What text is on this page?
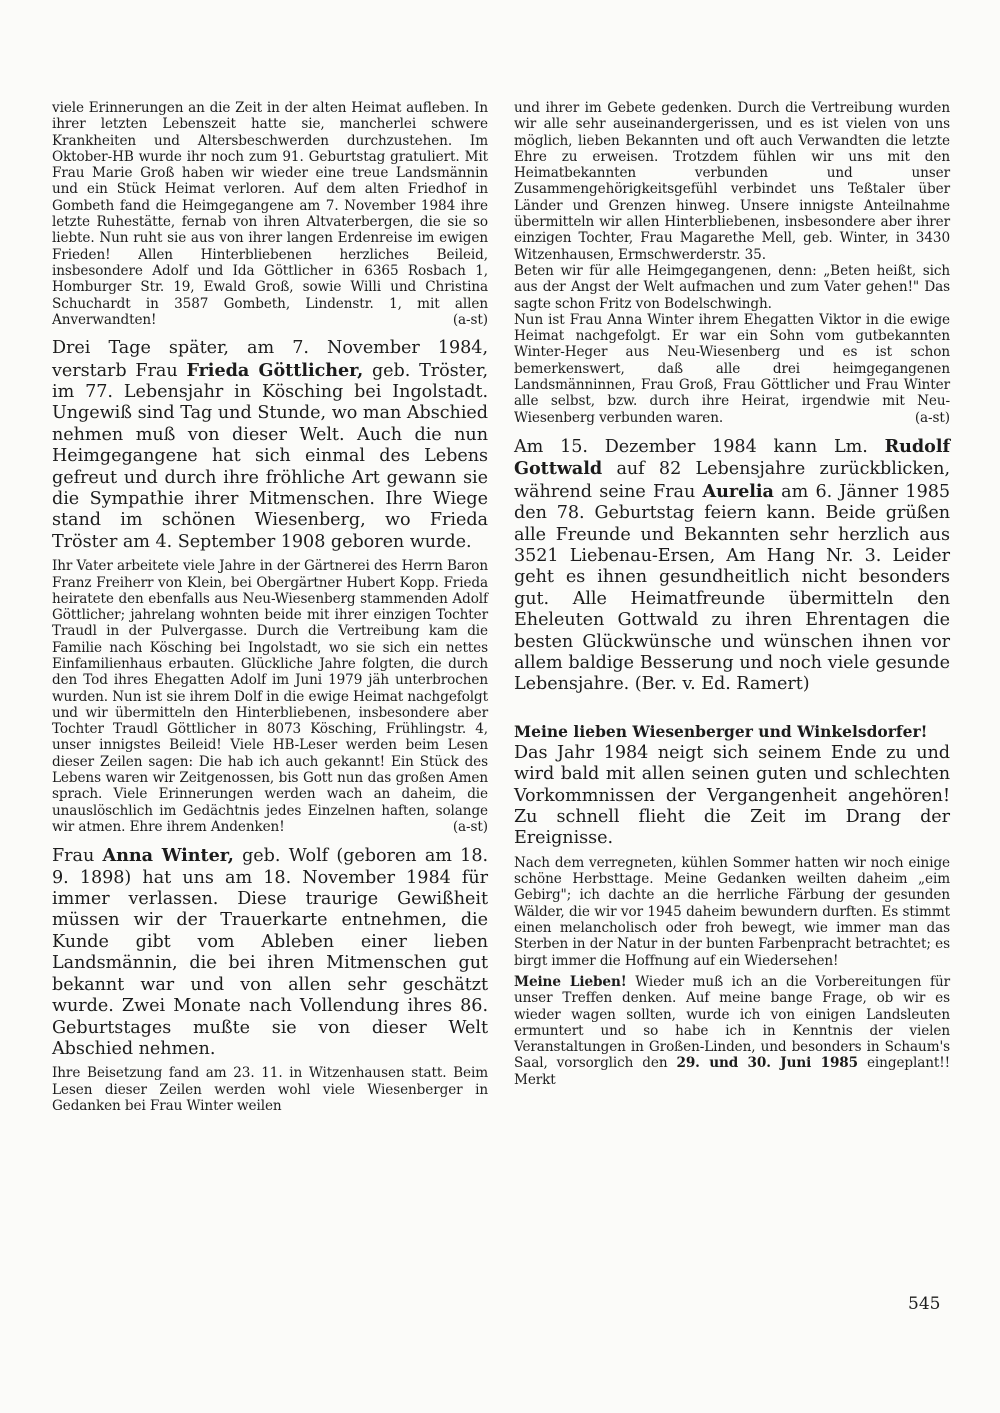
viele Erinnerungen an die Zeit in der alten Heimat aufleben. In ihrer letzten Lebenszeit hatte sie, mancherlei schwere Krankheiten und Altersbeschwerden durchzustehen. Im Oktober-HB wurde ihr noch zum 91. Geburtstag gratuliert. Mit Frau Marie Groß haben wir wieder eine treue Landsmännin und ein Stück Heimat verloren. Auf dem alten Friedhof in Gombeth fand die Heimgegangene am 7. November 1984 ihre letzte Ruhestätte, fernab von ihren Altvaterbergen, die sie so liebte. Nun ruht sie aus von ihrer langen Erdenreise im ewigen Frieden! Allen Hinterbliebenen herzliches Beileid, insbesondere Adolf und Ida Göttlicher in 6365 Rosbach 1, Homburger Str. 19, Ewald Groß, sowie Willi und Christina Schuchardt in 3587 Gombeth, Lindenstr. 1, mit allen Anverwandten!	(a-st)

Drei Tage später, am 7. November 1984, verstarb Frau Frieda Göttlicher, geb. Tröster, im 77. Lebensjahr in Kösching bei Ingolstadt. Ungewiß sind Tag und Stunde, wo man Abschied nehmen muß von dieser Welt. Auch die nun Heimgegangene hat sich einmal des Lebens gefreut und durch ihre fröhliche Art gewann sie die Sympathie ihrer Mitmenschen. Ihre Wiege stand im schönen Wiesenberg, wo Frieda Tröster am 4. September 1908 geboren wurde.

Ihr Vater arbeitete viele Jahre in der Gärtnerei des Herrn Baron Franz Freiherr von Klein, bei Obergärtner Hubert Kopp. Frieda heiratete den ebenfalls aus Neu-Wiesenberg stammenden Adolf Göttlicher; jahrelang wohnten beide mit ihrer einzigen Tochter Traudl in der Pulvergasse. Durch die Vertreibung kam die Familie nach Kösching bei Ingolstadt, wo sie sich ein nettes Einfamilienhaus erbauten. Glückliche Jahre folgten, die durch den Tod ihres Ehegatten Adolf im Juni 1979 jäh unterbrochen wurden. Nun ist sie ihrem Dolf in die ewige Heimat nachgefolgt und wir übermitteln den Hinterbliebenen, insbesondere aber Tochter Traudl Göttlicher in 8073 Kösching, Frühlingstr. 4, unser innigstes Beileid! Viele HB-Leser werden beim Lesen dieser Zeilen sagen: Die hab ich auch gekannt! Ein Stück des Lebens waren wir Zeitgenossen, bis Gott nun das großen Amen sprach. Viele Erinnerungen werden wach an daheim, die unauslöschlich im Gedächtnis jedes Einzelnen haften, solange wir atmen. Ehre ihrem Andenken!	(a-st)

Frau Anna Winter, geb. Wolf (geboren am 18. 9. 1898) hat uns am 18. November 1984 für immer verlassen. Diese traurige Gewißheit müssen wir der Trauerkarte entnehmen, die Kunde gibt vom Ableben einer lieben Landsmännin, die bei ihren Mitmenschen gut bekannt war und von allen sehr geschätzt wurde. Zwei Monate nach Vollendung ihres 86. Geburtstages mußte sie von dieser Welt Abschied nehmen.

Ihre Beisetzung fand am 23. 11. in Witzenhausen statt. Beim Lesen dieser Zeilen werden wohl viele Wiesenberger in Gedanken bei Frau Winter weilen

und ihrer im Gebete gedenken. Durch die Vertreibung wurden wir alle sehr auseinandergerissen, und es ist vielen von uns möglich, lieben Bekannten und oft auch Verwandten die letzte Ehre zu erweisen. Trotzdem fühlen wir uns mit den Heimatbekannten verbunden und unser Zusammengehörigkeitsgefühl verbindet uns Teßtaler über Länder und Grenzen hinweg. Unsere innigste Anteilnahme übermitteln wir allen Hinterbliebenen, insbesondere aber ihrer einzigen Tochter, Frau Magarethe Mell, geb. Winter, in 3430 Witzenhausen, Ermschwerderstr. 35.

Beten wir für alle Heimgegangenen, denn: „Beten heißt, sich aus der Angst der Welt aufmachen und zum Vater gehen!" Das sagte schon Fritz von Bodelschwingh.

Nun ist Frau Anna Winter ihrem Ehegatten Viktor in die ewige Heimat nachgefolgt. Er war ein Sohn vom gutbekannten Winter-Heger aus Neu-Wiesenberg und es ist schon bemerkenswert, daß alle drei heimgegangenen Landsmänninnen, Frau Groß, Frau Göttlicher und Frau Winter alle selbst, bzw. durch ihre Heirat, irgendwie mit Neu-Wiesenberg verbunden waren.	(a-st)

Am 15. Dezember 1984 kann Lm. Rudolf Gottwald auf 82 Lebensjahre zurückblicken, während seine Frau Aurelia am 6. Jänner 1985 den 78. Geburtstag feiern kann. Beide grüßen alle Freunde und Bekannten sehr herzlich aus 3521 Liebenau-Ersen, Am Hang Nr. 3. Leider geht es ihnen gesundheitlich nicht besonders gut. Alle Heimatfreunde übermitteln den Eheleuten Gottwald zu ihren Ehrentagen die besten Glückwünsche und wünschen ihnen vor allem baldige Besserung und noch viele gesunde Lebensjahre. (Ber. v. Ed. Ramert)

Meine lieben Wiesenberger und Winkelsdorfer!

Das Jahr 1984 neigt sich seinem Ende zu und wird bald mit allen seinen guten und schlechten Vorkommnissen der Vergangenheit angehören! Zu schnell flieht die Zeit im Drang der Ereignisse.

Nach dem verregneten, kühlen Sommer hatten wir noch einige schöne Herbsttage. Meine Gedanken weilten daheim „eim Gebirg"; ich dachte an die herrliche Färbung der gesunden Wälder, die wir vor 1945 daheim bewundern durften. Es stimmt einen melancholisch oder froh bewegt, wie immer man das Sterben in der Natur in der bunten Farbenpracht betrachtet; es birgt immer die Hoffnung auf ein Wiedersehen!

Meine Lieben! Wieder muß ich an die Vorbereitungen für unser Treffen denken. Auf meine bange Frage, ob wir es wieder wagen sollten, wurde ich von einigen Landsleuten ermuntert und so habe ich in Kenntnis der vielen Veranstaltungen in Großen-Linden, und besonders in Schaum's Saal, vorsorglich den 29. und 30. Juni 1985 eingeplant!! Merkt

545
